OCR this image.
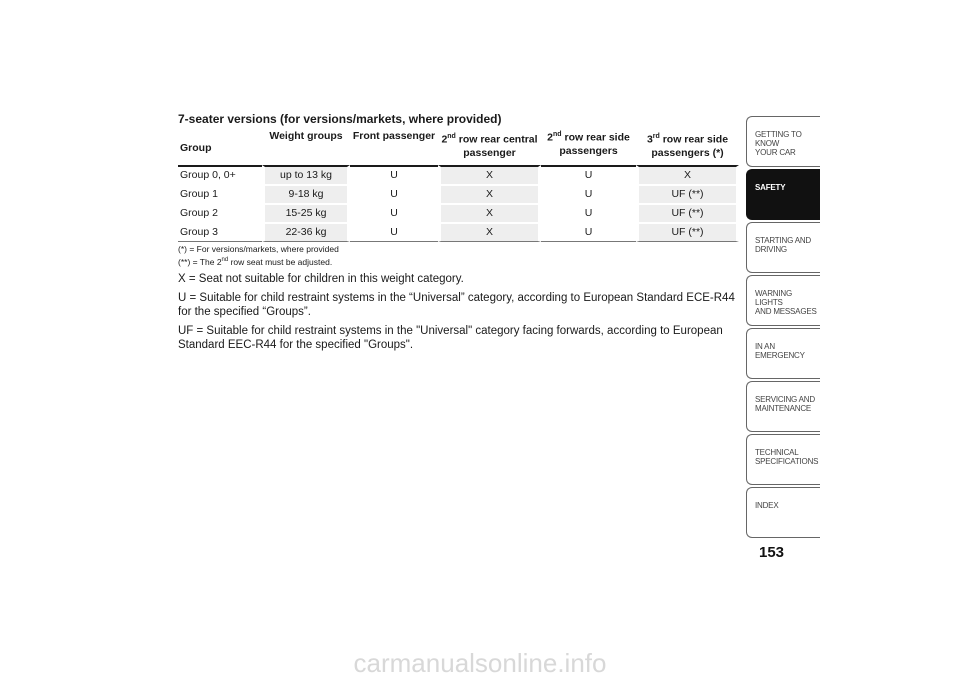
7-seater versions (for versions/markets, where provided)
Group	Weight groups	Front passenger	2nd row rear central passenger	2nd row rear side passengers	3rd row rear side passengers (*)
Group 0, 0+	up to 13 kg	U	X	U	X
Group 1	9-18 kg	U	X	U	UF (**)
Group 2	15-25 kg	U	X	U	UF (**)
Group 3	22-36 kg	U	X	U	UF (**)
(*) = For versions/markets, where provided
(**) = The 2nd row seat must be adjusted.

X = Seat not suitable for children in this weight category.

U = Suitable for child restraint systems in the “Universal” category, according to European Standard ECE-R44 for the specified “Groups”.

UF = Suitable for child restraint systems in the "Universal" category facing forwards, according to European Standard EEC-R44 for the specified "Groups".

GETTING TO KNOW
YOUR CAR
SAFETY
STARTING AND
DRIVING
WARNING LIGHTS
AND MESSAGES
IN AN EMERGENCY
SERVICING AND
MAINTENANCE
TECHNICAL
SPECIFICATIONS
INDEX
153
carmanualsonline.info
